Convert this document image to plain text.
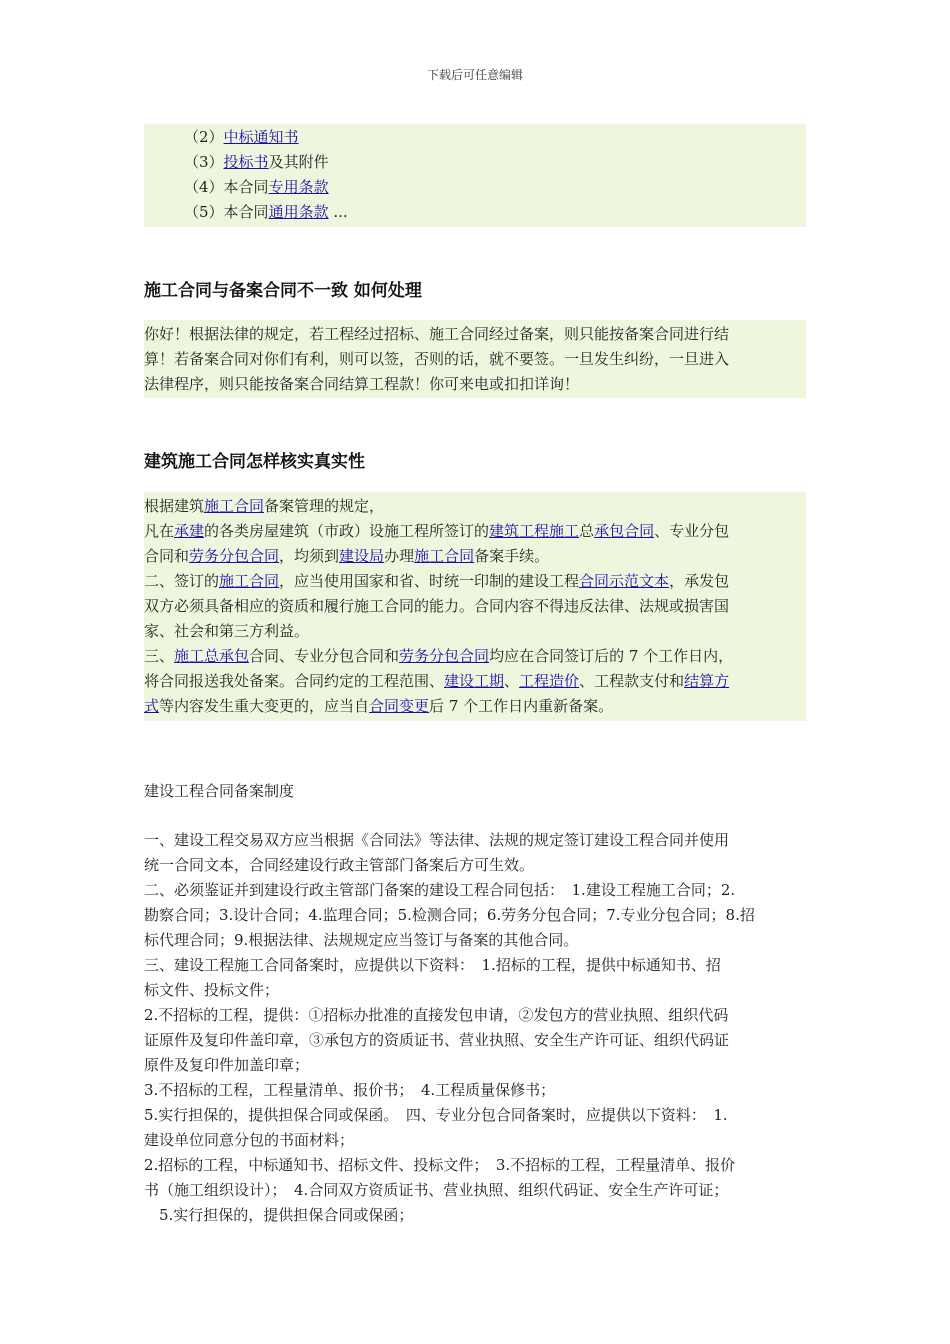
下载后可任意编辑
（2）中标通知书
（3）投标书及其附件
（4）本合同专用条款
（5）本合同通用条款 ...
施工合同与备案合同不一致 如何处理
你好！根据法律的规定，若工程经过招标、施工合同经过备案，则只能按备案合同进行结
算！若备案合同对你们有利，则可以签，否则的话，就不要签。一旦发生纠纷，一旦进入
法律程序，则只能按备案合同结算工程款！你可来电或扣扣详询！
建筑施工合同怎样核实真实性
根据建筑施工合同备案管理的规定，
凡在承建的各类房屋建筑（市政）设施工程所签订的建筑工程施工总承包合同、专业分包
合同和劳务分包合同，均须到建设局办理施工合同备案手续。
二、签订的施工合同，应当使用国家和省、时统一印制的建设工程合同示范文本，承发包
双方必须具备相应的资质和履行施工合同的能力。合同内容不得违反法律、法规或损害国
家、社会和第三方利益。
三、施工总承包合同、专业分包合同和劳务分包合同均应在合同签订后的 7 个工作日内，
将合同报送我处备案。合同约定的工程范围、建设工期、工程造价、工程款支付和结算方
式等内容发生重大变更的，应当自合同变更后 7 个工作日内重新备案。
建设工程合同备案制度
一、建设工程交易双方应当根据《合同法》等法律、法规的规定签订建设工程合同并使用
统一合同文本，合同经建设行政主管部门备案后方可生效。
二、必须鉴证并到建设行政主管部门备案的建设工程合同包括：　1.建设工程施工合同；2.
勘察合同；3.设计合同；4.监理合同；5.检测合同；6.劳务分包合同；7.专业分包合同；8.招
标代理合同；9.根据法律、法规规定应当签订与备案的其他合同。
三、建设工程施工合同备案时，应提供以下资料：　1.招标的工程，提供中标通知书、招
标文件、投标文件；
2.不招标的工程，提供：①招标办批准的直接发包申请，②发包方的营业执照、组织代码
证原件及复印件盖印章，③承包方的资质证书、营业执照、安全生产许可证、组织代码证
原件及复印件加盖印章；
3.不招标的工程，工程量清单、报价书；　4.工程质量保修书；
5.实行担保的，提供担保合同或保函。　四、专业分包合同备案时，应提供以下资料：　1.
建设单位同意分包的书面材料；
2.招标的工程，中标通知书、招标文件、投标文件；　3.不招标的工程，工程量清单、报价
书（施工组织设计）；　4.合同双方资质证书、营业执照、组织代码证、安全生产许可证；
　5.实行担保的，提供担保合同或保函；
